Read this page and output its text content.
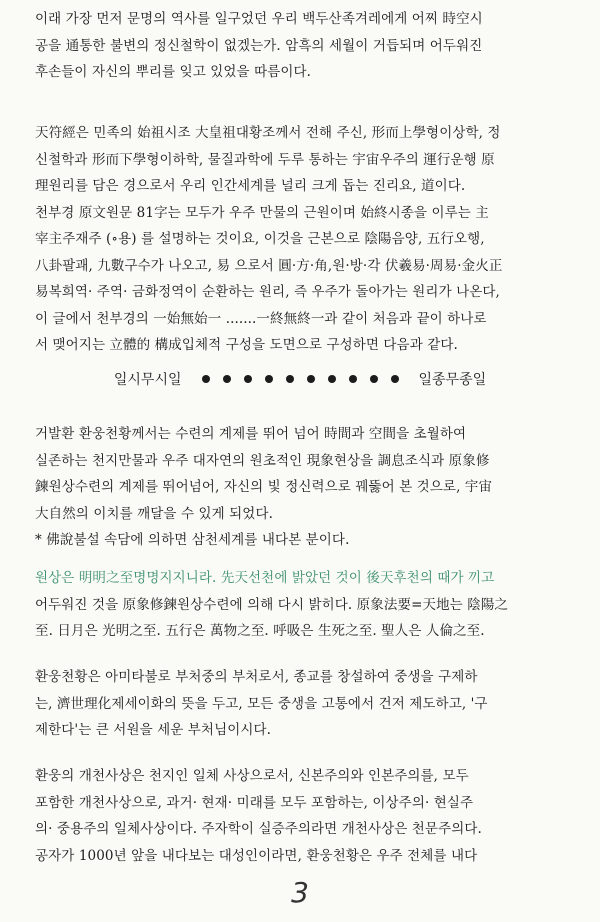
이래 가장 먼저 문명의 역사를 일구었던 우리 백두산족겨레에게 어찌 時空시
공을 通통한 불변의 정신철학이 없겠는가. 암흑의 세월이 거듭되며 어두워진
후손들이 자신의 뿌리를 잊고 있었을 따름이다.

天符經은 민족의 始祖시조 大皇祖대황조께서 전해 주신, 形而上學형이상학, 정
신철학과 形而下學형이하학, 물질과학에 두루 통하는 宇宙우주의 運行운행 原
理원리를 담은 경으로서 우리 인간세계를 널리 크게 돕는 진리요, 道이다.
천부경 原文원문 81字는 모두가 우주 만물의 근원이며 始終시종을 이루는 主
宰主주재주 (∘용) 를 설명하는 것이요, 이것을 근본으로 陰陽음양, 五行오행,
八卦팔괘, 九數구수가 나오고, 易 으로서 圓·方·角,원·방·각 伏羲易·周易·金火正
易복희역· 주역· 금화정역이 순환하는 원리, 즉 우주가 돌아가는 원리가 나온다,
이 글에서 천부경의 一始無始一 .......一終無終一과 같이 처음과 끝이 하나로
서 맺어지는 立體的 構成입체적 구성을 도면으로 구성하면 다음과 같다.

일시무시일	일종무종일

거발환 환웅천황께서는 수련의 계제를 뛰어 넘어 時間과 空間을 초월하여
실존하는 천지만물과 우주 대자연의 원초적인 現象현상을 調息조식과 原象修
鍊원상수련의 계제를 뛰어넘어, 자신의 빛 정신력으로 꿰뚫어 본 것으로, 宇宙
大自然의 이치를 깨달을 수 있게 되었다.
* 佛說불설 속담에 의하면 삼천세계를 내다본 분이다.

원상은 明明之至명명지지니라. 先天선천에 밝았던 것이 後天후천의 때가 끼고
어두워진 것을 原象修鍊원상수련에 의해 다시 밝히다. 原象法要=天地는 陰陽之
至. 日月은 光明之至. 五行은 萬物之至. 呼吸은 生死之至. 聖人은 人倫之至.

환웅천황은 아미타불로 부처중의 부처로서, 종교를 창설하여 중생을 구제하
는, 濟世理化제세이화의 뜻을 두고, 모든 중생을 고통에서 건저 제도하고, '구
제한다'는 큰 서원을 세운 부처님이시다.

환웅의 개천사상은 천지인 일체 사상으로서, 신본주의와 인본주의를, 모두
포함한 개천사상으로, 과거· 현재· 미래를 모두 포함하는, 이상주의· 현실주
의· 중용주의 일체사상이다. 주자학이 실증주의라면 개천사상은 천문주의다.
공자가 1000년 앞을 내다보는 대성인이라면, 환웅천황은 우주 전체를 내다

3
